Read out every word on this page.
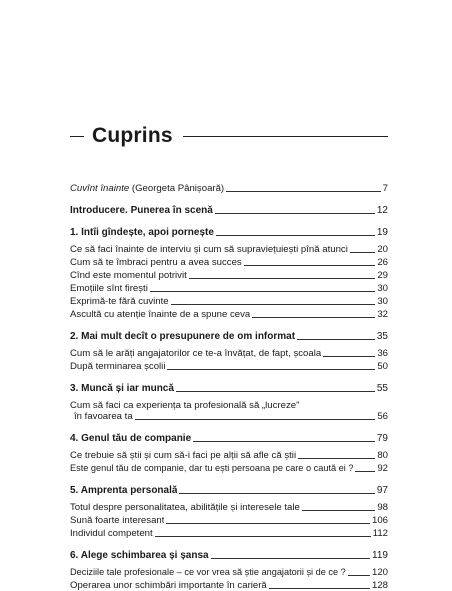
Cuprins
Cuvînt înainte (Georgeta Pânișoară)	7
Introducere. Punerea în scenă	12
1. Întîi gîndește, apoi pornește	19
Ce să faci înainte de interviu și cum să supraviețuiești pînă atunci	20
Cum să te îmbraci pentru a avea succes	26
Cînd este momentul potrivit	29
Emoțiile sînt firești	30
Exprimă-te fără cuvinte	30
Ascultă cu atenție înainte de a spune ceva	32
2. Mai mult decît o presupunere de om informat	35
Cum să le arăți angajatorilor ce te-a învățat, de fapt, școala	36
După terminarea școlii	50
3. Muncă și iar muncă	55
Cum să faci ca experiența ta profesională să „lucreze"
în favoarea ta	56
4. Genul tău de companie	79
Ce trebuie să știi și cum să-i faci pe alții să afle că știi	80
Este genul tău de companie, dar tu ești persoana pe care o caută ei ? 92
5. Amprenta personală	97
Totul despre personalitatea, abilitățile și interesele tale	98
Sună foarte interesant	106
Individul competent	112
6. Alege schimbarea și șansa	119
Deciziile tale profesionale – ce vor vrea să știe angajatorii și de ce ?	120
Operarea unor schimbări importante în carieră	128
